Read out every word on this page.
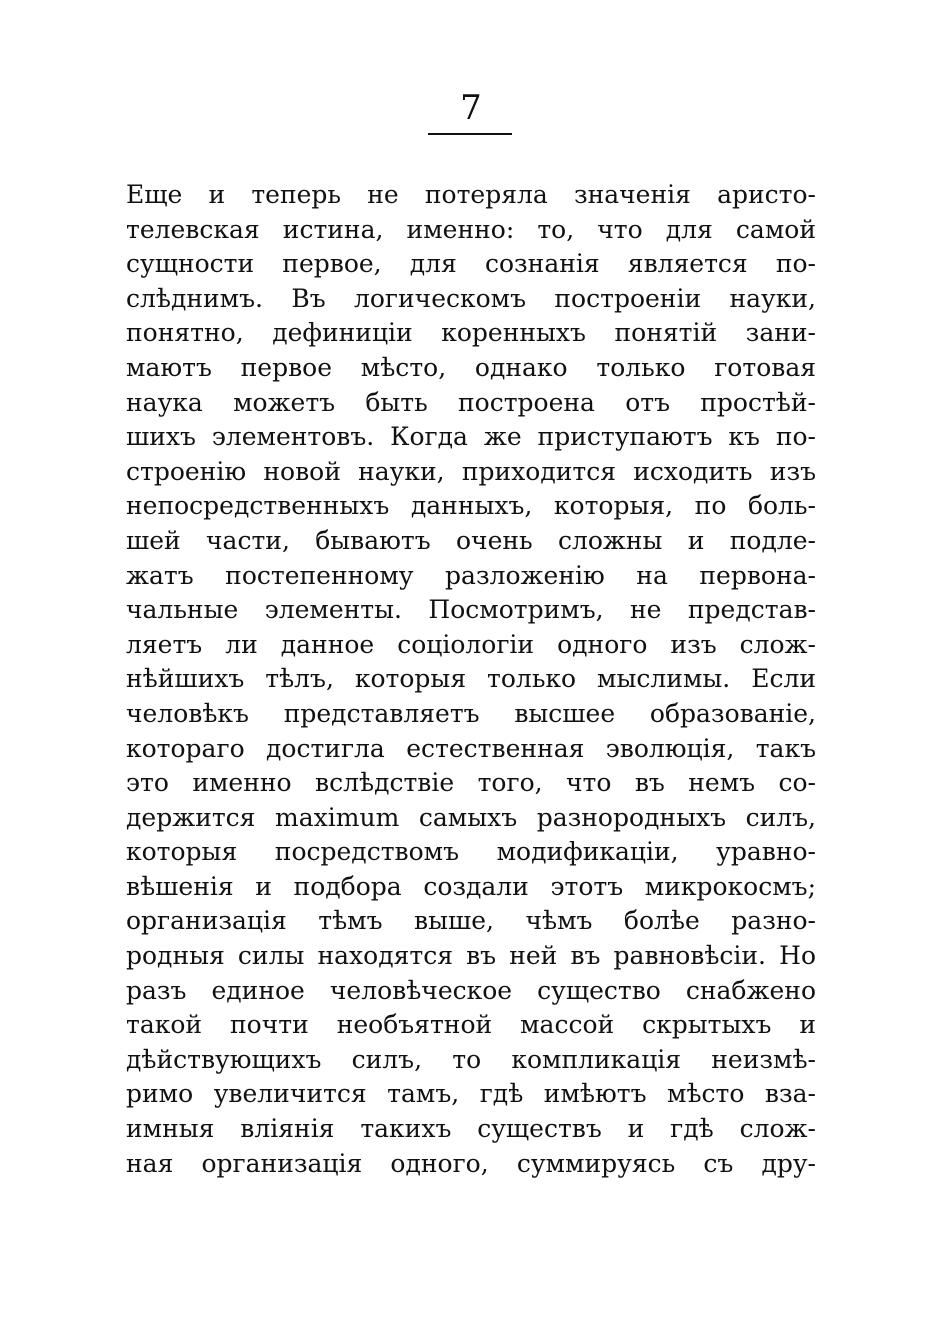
7
Еще и теперь не потеряла значенія аристо-
телевская истина, именно: то, что для самой
сущности первое, для сознанія является по-
слѣднимъ. Въ логическомъ построеніи науки,
понятно, дефиниціи коренныхъ понятій зани-
маютъ первое мѣсто, однако только готовая
наука можетъ быть построена отъ простѣй-
шихъ элементовъ. Когда же приступаютъ къ по-
строенію новой науки, приходится исходить изъ
непосредственныхъ данныхъ, которыя, по боль-
шей части, бываютъ очень сложны и подле-
жатъ постепенному разложенію на первона-
чальные элементы. Посмотримъ, не представ-
ляетъ ли данное соціологіи одного изъ слож-
нѣйшихъ тѣлъ, которыя только мыслимы. Если
человѣкъ представляетъ высшее образованіе,
котораго достигла естественная эволюція, такъ
это именно вслѣдствіе того, что въ немъ со-
держится maximum самыхъ разнородныхъ силъ,
которыя посредствомъ модификаціи, уравно-
вѣшенія и подбора создали этотъ микрокосмъ;
организація тѣмъ выше, чѣмъ болѣе разно-
родныя силы находятся въ ней въ равновѣсіи. Но
разъ единое человѣческое существо снабжено
такой почти необъятной массой скрытыхъ и
дѣйствующихъ силъ, то компликація неизмѣ-
римо увеличится тамъ, гдѣ имѣютъ мѣсто вза-
имныя вліянія такихъ существъ и гдѣ слож-
ная организація одного, суммируясь съ дру-
